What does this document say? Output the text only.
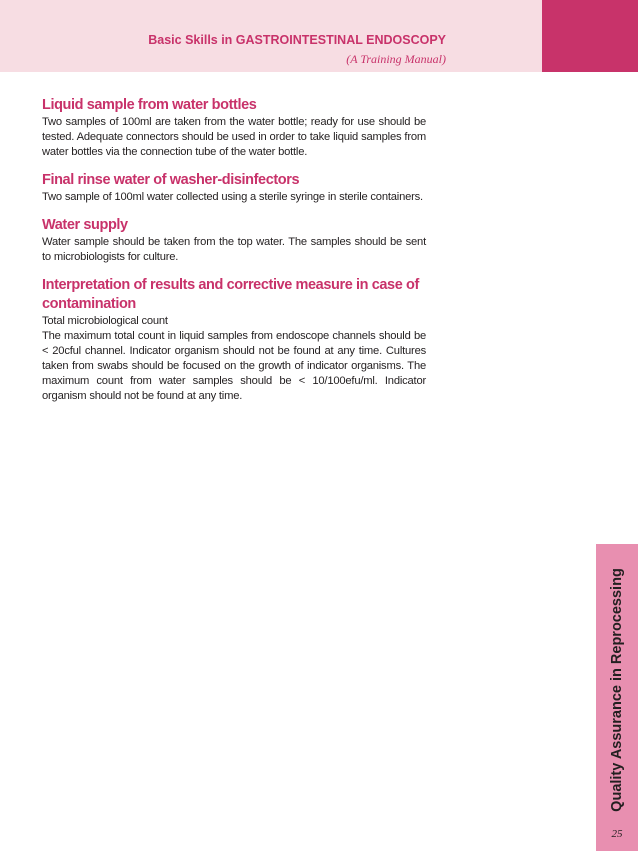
Basic Skills in GASTROINTESTINAL ENDOSCOPY
(A Training Manual)
Liquid sample from water bottles

Two samples of 100ml are taken from the water bottle; ready for use should be tested. Adequate connectors should be used in order to take liquid samples from water bottles via the connection tube of the water bottle.

Final rinse water of washer-disinfectors

Two sample of 100ml water collected using a sterile syringe in sterile containers.

Water supply

Water sample should be taken from the top water. The samples should be sent to microbiologists for culture.

Interpretation of results and corrective measure in case of contamination

Total microbiological count

The maximum total count in liquid samples from endoscope channels should be < 20cful channel. Indicator organism should not be found at any time. Cultures taken from swabs should be focused on the growth of indicator organisms. The maximum count from water samples should be < 10/100efu/ml. Indicator organism should not be found at any time.

Quality Assurance in Reprocessing
25
